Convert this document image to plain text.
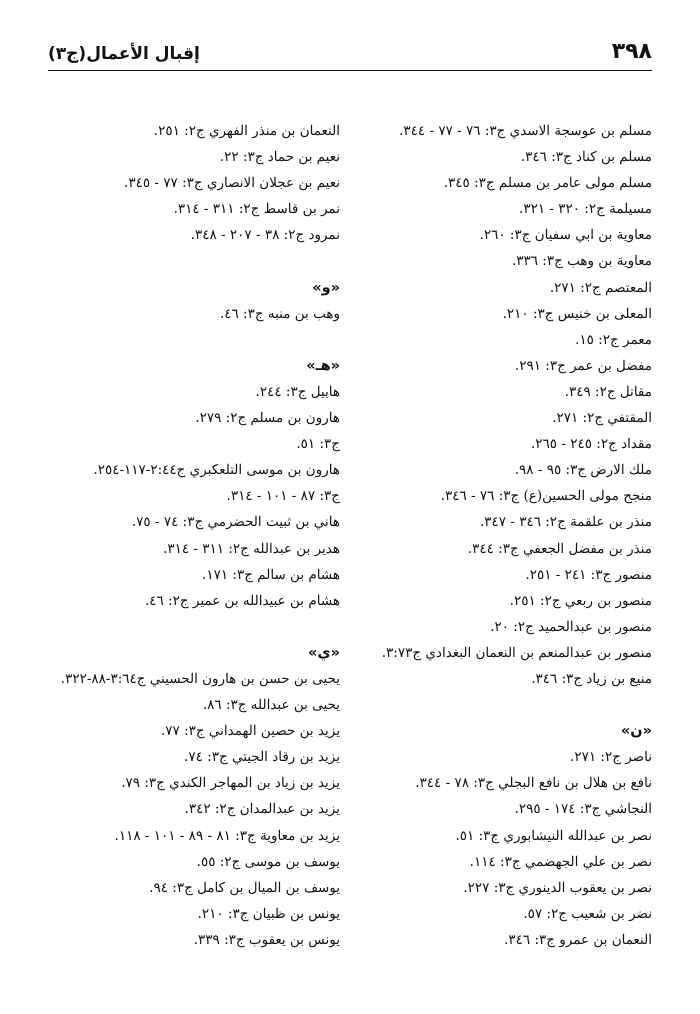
٣٩٨
إقبال الأعمال(ج٣)
مسلم بن عوسجة الاسدي ج٣: ٧٦ - ٧٧ - ٣٤٤.
مسلم بن كناد ج٣: ٣٤٦.
مسلم مولى عامر بن مسلم ج٣: ٣٤٥.
مسيلمة ج٢: ٣٢٠ - ٣٢١.
معاوية بن ابي سفيان ج٣: ٢٦٠.
معاوية بن وهب ج٣: ٣٣٦.
المعتصم ج٢: ٢٧١.
المعلى بن خنيس ج٣: ٢١٠.
معمر ج٢: ١٥.
مفضل بن عمر ج٣: ٢٩١.
مقاتل ج٢: ٣٤٩.
المقتفي ج٢: ٢٧١.
مقداد ج٢: ٢٤٥ - ٢٦٥.
ملك الارض ج٣: ٩٥ - ٩٨.
منجح مولى الحسين(ع) ج٣: ٧٦ - ٣٤٦.
منذر بن علقمة ج٢: ٣٤٦ - ٣٤٧.
منذر بن مفضل الجعفي ج٣: ٣٤٤.
منصور ج٣: ٢٤١ - ٢٥١.
منصور بن ربعي ج٢: ٢٥١.
منصور بن عبدالحميد ج٢: ٢٠.
منصور بن عبدالمنعم بن النعمان البغدادي ج٣:٧٣.
منيع بن زياد ج٣: ٣٤٦.
«ن»
ناصر ج٢: ٢٧١.
نافع بن هلال بن نافع البجلي ج٣: ٧٨ - ٣٤٤.
النجاشي ج٣: ١٧٤ - ٢٩٥.
نصر بن عبدالله النيشابوري ج٣: ٥١.
نصر بن علي الجهضمي ج٣: ١١٤.
نصر بن يعقوب الدينوري ج٣: ٢٢٧.
نضر بن شعيب ج٢: ٥٧.
النعمان بن عمرو ج٣: ٣٤٦.
النعمان بن منذر الفهري ج٢: ٢٥١.
نعيم بن حماد ج٣: ٢٢.
نعيم بن عجلان الانصاري ج٣: ٧٧ - ٣٤٥.
نمر بن قاسط ج٢: ٣١١ - ٣١٤.
نمرود ج٢: ٣٨ - ٢٠٧ - ٣٤٨.
«و»
وهب بن منبه ج٣: ٤٦.
«هـ»
هابيل ج٣: ٢٤٤.
هارون بن مسلم ج٢: ٢٧٩.
ج٣: ٥١.
هارون بن موسى التلعكبري ج٢:٤٤-١١٧-٢٥٤.
ج٣: ٨٧ - ١٠١ - ٣١٤.
هاني بن ثبيت الحضرمي ج٣: ٧٤ - ٧٥.
هدير بن عبدالله ج٢: ٣١١ - ٣١٤.
هشام بن سالم ج٣: ١٧١.
هشام بن عبيدالله بن عمير ج٢: ٤٦.
«ي»
يحيى بن حسن بن هارون الحسيني ج٣:٦٤-٨٨-٣٢٢.
يحيى بن عبدالله ج٣: ٨٦.
يزيد بن حصين الهمداني ج٣: ٧٧.
يزيد بن رقاد الجيتي ج٣: ٧٤.
يزيد بن زياد بن المهاجر الكندي ج٣: ٧٩.
يزيد بن عبدالمدان ج٢: ٣٤٢.
يزيد بن معاوية ج٣: ٨١ - ٨٩ - ١٠١ - ١١٨.
يوسف بن موسى ج٢: ٥٥.
يوسف بن الميال بن كامل ج٣: ٩٤.
يونس بن ظبيان ج٣: ٢١٠.
يونس بن يعقوب ج٣: ٣٣٩.
